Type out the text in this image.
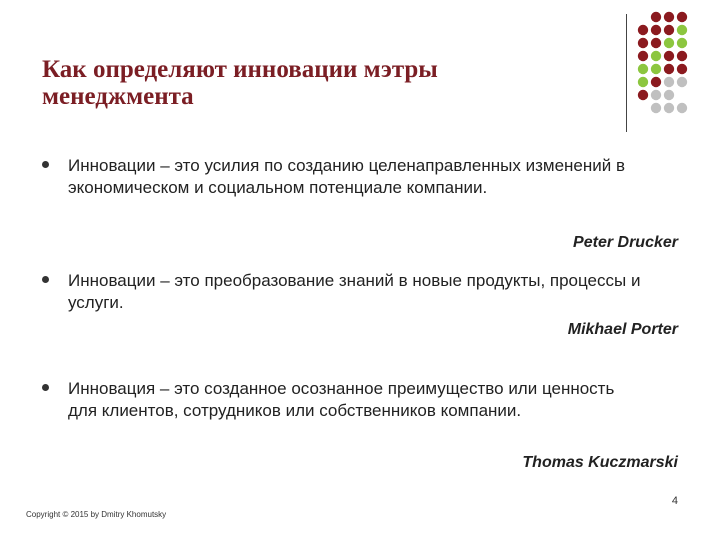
Как определяют инновации мэтры менеджмента
Инновации – это усилия по созданию целенаправленных изменений в экономическом и социальном потенциале компании.
Peter Drucker
Инновации – это преобразование знаний в новые продукты, процессы и услуги.
Mikhael Porter
Инновация – это созданное осознанное преимущество или ценность для клиентов, сотрудников или собственников компании.
Thomas Kuczmarski
4
Copyright © 2015 by Dmitry Khomutsky
